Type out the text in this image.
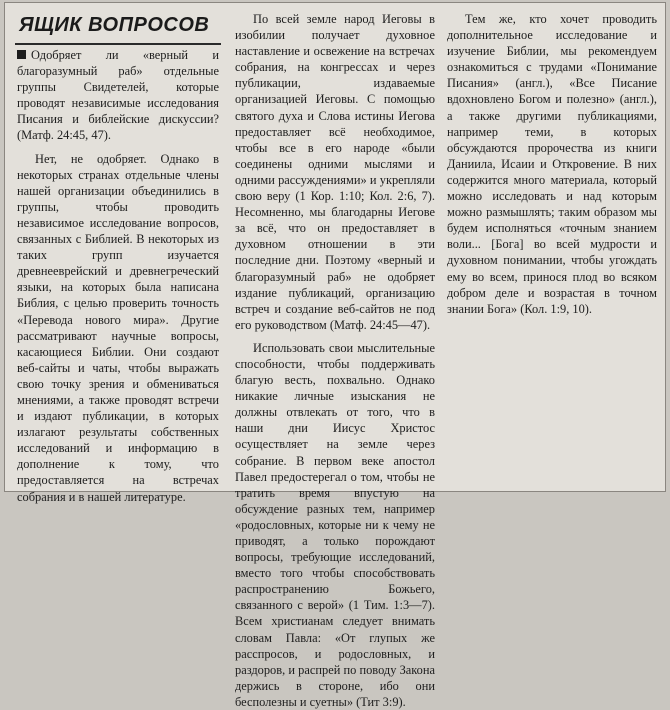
ЯЩИК ВОПРОСОВ

Одобряет ли «верный и благоразумный раб» отдельные группы Свидетелей, которые проводят независимые исследования Писания и библейские дискуссии? (Матф. 24:45, 47).

Нет, не одобряет. Однако в некоторых странах отдельные члены нашей организации объединились в группы, чтобы проводить независимое исследование вопросов, связанных с Библией. В некоторых из таких групп изучается древнееврейский и древнегреческий языки, на которых была написана Библия, с целью проверить точность «Перевода нового мира». Другие рассматривают научные вопросы, касающиеся Библии. Они создают веб-сайты и чаты, чтобы выражать свою точку зрения и обмениваться мнениями, а также проводят встречи и издают публикации, в которых излагают результаты собственных исследований и информацию в дополнение к тому, что предоставляется на встречах собрания и в нашей литературе.

По всей земле народ Иеговы в изобилии получает духовное наставление и освежение на встречах собрания, на конгрессах и через публикации, издаваемые организацией Иеговы. С помощью святого духа и Слова истины Иегова предоставляет всё необходимое, чтобы все в его народе «были соединены одними мыслями и одними рассуждениями» и укрепляли свою веру (1 Кор. 1:10; Кол. 2:6, 7). Несомненно, мы благодарны Иегове за всё, что он предоставляет в духовном отношении в эти последние дни. Поэтому «верный и благоразумный раб» не одобряет издание публикаций, организацию встреч и создание веб-сайтов не под его руководством (Матф. 24:45—47).

Использовать свои мыслительные способности, чтобы поддерживать благую весть, похвально. Однако никакие личные изыскания не должны отвлекать от того, что в наши дни Иисус Христос осуществляет на земле через собрание. В первом веке апостол Павел предостерегал о том, чтобы не тратить время впустую на обсуждение разных тем, например «родословных, которые ни к чему не приводят, а только порождают вопросы, требующие исследований, вместо того чтобы способствовать распространению Божьего, связанного с верой» (1 Тим. 1:3—7). Всем христианам следует внимать словам Павла: «От глупых же расспросов, и родословных, и раздоров, и распрей по поводу Закона держись в стороне, ибо они бесполезны и суетны» (Тит 3:9).

Тем же, кто хочет проводить дополнительное исследование и изучение Библии, мы рекомендуем ознакомиться с трудами «Понимание Писания» (англ.), «Все Писание вдохновлено Богом и полезно» (англ.), а также другими публикациями, например теми, в которых обсуждаются пророчества из книги Даниила, Исаии и Откровение. В них содержится много материала, который можно исследовать и над которым можно размышлять; таким образом мы будем исполняться «точным знанием воли... [Бога] во всей мудрости и духовном понимании, чтобы угождать ему во всем, принося плод во всяком добром деле и возрастая в точном знании Бога» (Кол. 1:9, 10).
